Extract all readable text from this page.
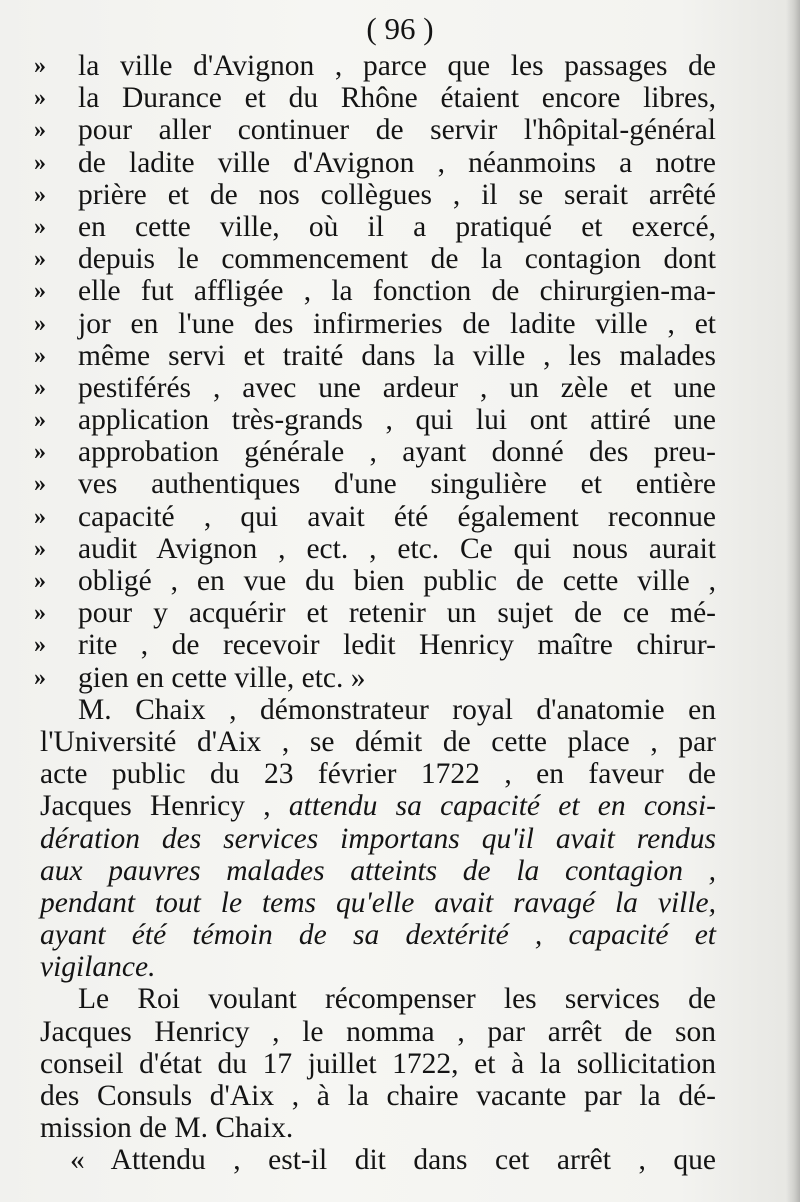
( 96 )
»	la ville d'Avignon , parce que les passages de
»	la Durance et du Rhône étaient encore libres,
»	pour aller continuer de servir l'hôpital-général
»	de ladite ville d'Avignon , néanmoins a notre
»	prière et de nos collègues , il se serait arrêté
»	en cette ville, où il a pratiqué et exercé,
»	depuis le commencement de la contagion dont
»	elle fut affligée , la fonction de chirurgien-ma-
»	jor en l'une des infirmeries de ladite ville , et
»	même servi et traité dans la ville , les malades
»	pestiférés , avec une ardeur , un zèle et une
»	application très-grands , qui lui ont attiré une
»	approbation générale , ayant donné des preu-
»	ves authentiques d'une singulière et entière
»	capacité , qui avait été également reconnue
»	audit Avignon , ect. , etc. Ce qui nous aurait
»	obligé , en vue du bien public de cette ville ,
»	pour y acquérir et retenir un sujet de ce mé-
»	rite , de recevoir ledit Henricy maître chirur-
»	gien en cette ville, etc. »
M. Chaix , démonstrateur royal d'anatomie en
l'Université d'Aix , se démit de cette place , par
acte public du 23 février 1722 , en faveur de
Jacques Henricy , attendu sa capacité et en consi-
dération des services importans qu'il avait rendus
aux pauvres malades atteints de la contagion ,
pendant tout le tems qu'elle avait ravagé la ville,
ayant été témoin de sa dextérité , capacité et
vigilance.
Le Roi voulant récompenser les services de
Jacques Henricy , le nomma , par arrêt de son
conseil d'état du 17 juillet 1722, et à la sollicitation
des Consuls d'Aix , à la chaire vacante par la dé-
mission de M. Chaix.
« Attendu , est-il dit dans cet arrêt , que
